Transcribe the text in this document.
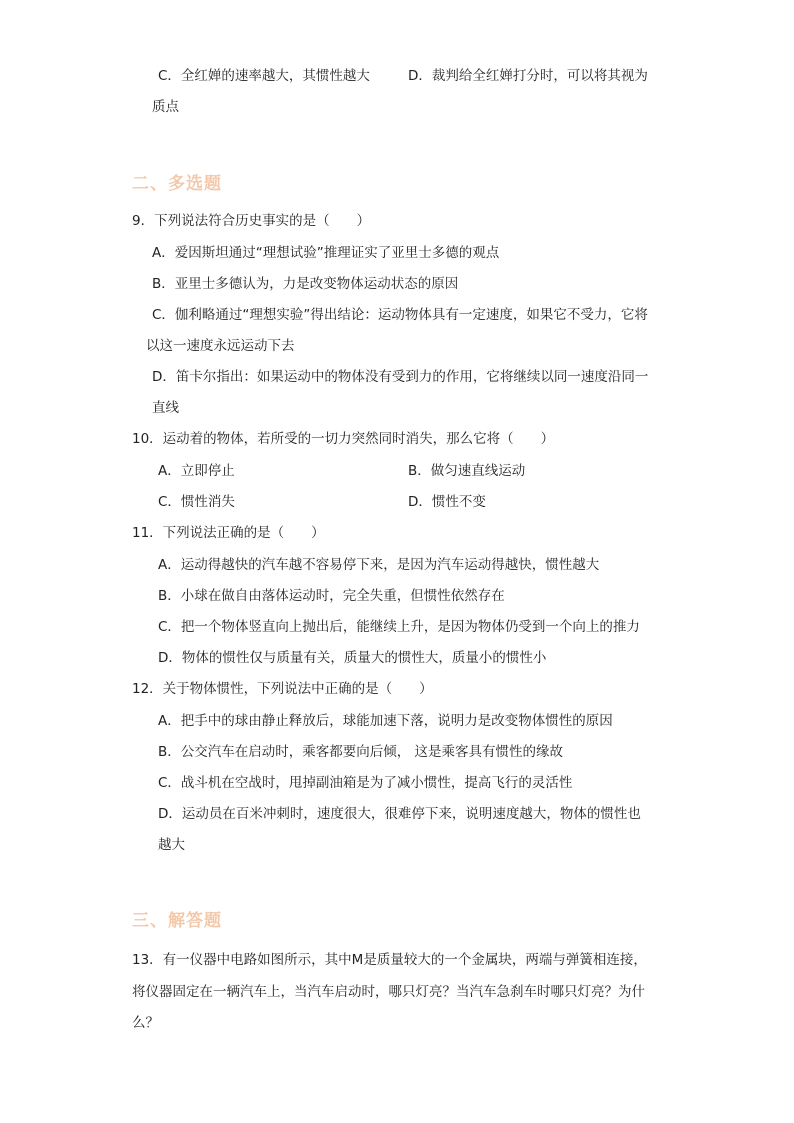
C．全红婵的速率越大，其惯性越大	D．裁判给全红婵打分时，可以将其视为
质点
二、多选题
9．下列说法符合历史事实的是（　　）
A．爱因斯坦通过“理想试验”推理证实了亚里士多德的观点
B．亚里士多德认为，力是改变物体运动状态的原因
C．伽利略通过“理想实验”得出结论：运动物体具有一定速度，如果它不受力，它将
以这一速度永远运动下去
D．笛卡尔指出：如果运动中的物体没有受到力的作用，它将继续以同一速度沿同一
直线
10．运动着的物体，若所受的一切力突然同时消失，那么它将（　　）
A．立即停止	B．做匀速直线运动
C．惯性消失	D．惯性不变
11．下列说法正确的是（　　）
A．运动得越快的汽车越不容易停下来，是因为汽车运动得越快，惯性越大
B．小球在做自由落体运动时，完全失重，但惯性依然存在
C．把一个物体竖直向上抛出后，能继续上升，是因为物体仍受到一个向上的推力
D．物体的惯性仅与质量有关，质量大的惯性大，质量小的惯性小
12．关于物体惯性，下列说法中正确的是（　　）
A．把手中的球由静止释放后，球能加速下落，说明力是改变物体惯性的原因
B．公交汽车在启动时，乘客都要向后倾， 这是乘客具有惯性的缘故
C．战斗机在空战时，甩掉副油箱是为了减小惯性，提高飞行的灵活性
D．运动员在百米冲刺时，速度很大，很难停下来，说明速度越大，物体的惯性也
越大
三、解答题
13．有一仪器中电路如图所示，其中M是质量较大的一个金属块，两端与弹簧相连接，
将仪器固定在一辆汽车上，当汽车启动时，哪只灯亮？当汽车急刹车时哪只灯亮？为什
么？
